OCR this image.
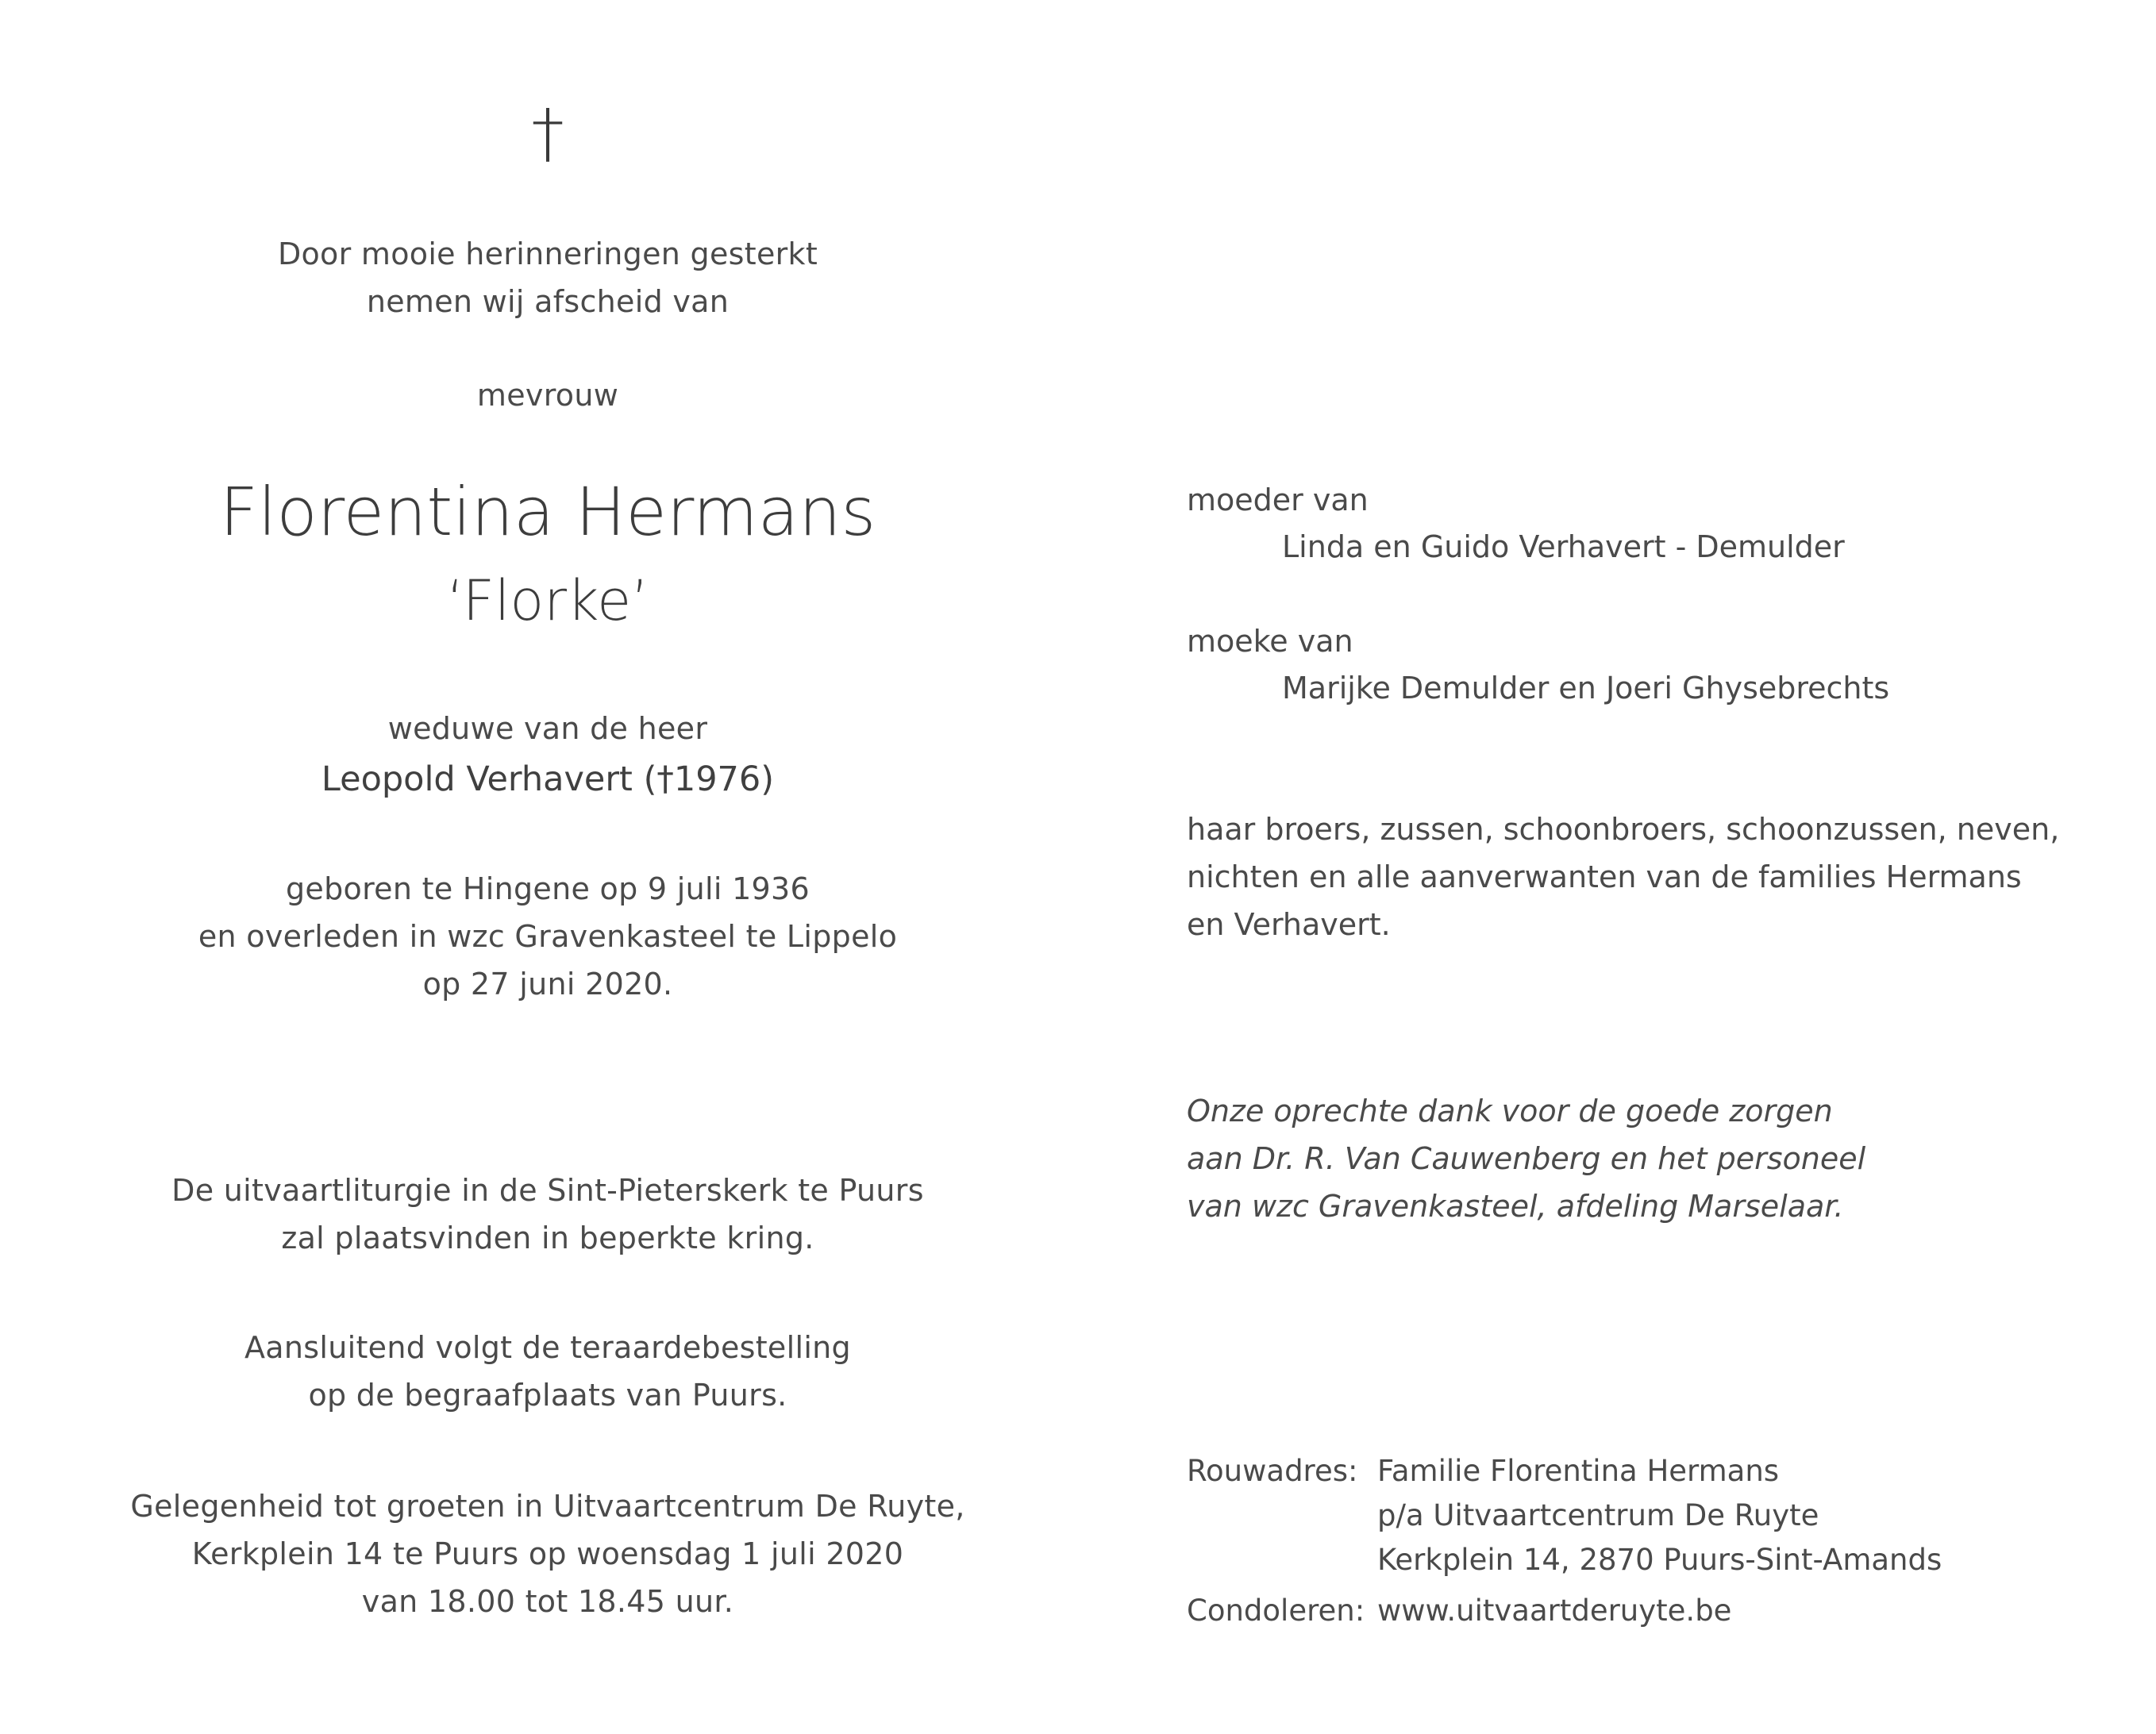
†
Door mooie herinneringen gesterkt
nemen wij afscheid van
mevrouw
Florentina Hermans
‘Florke’
weduwe van de heer
Leopold Verhavert (†1976)
geboren te Hingene op 9 juli 1936
en overleden in wzc Gravenkasteel te Lippelo
op 27 juni 2020.
De uitvaartliturgie in de Sint-Pieterskerk te Puurs
zal plaatsvinden in beperkte kring.
Aansluitend volgt de teraardebestelling
op de begraafplaats van Puurs.
Gelegenheid tot groeten in Uitvaartcentrum De Ruyte,
Kerkplein 14 te Puurs op woensdag 1 juli 2020
van 18.00 tot 18.45 uur.
moeder van
Linda en Guido Verhavert - Demulder
moeke van
Marijke Demulder en Joeri Ghysebrechts
haar broers, zussen, schoonbroers, schoonzussen, neven,
nichten en alle aanverwanten van de families Hermans
en Verhavert.
Onze oprechte dank voor de goede zorgen
aan Dr. R. Van Cauwenberg en het personeel
van wzc Gravenkasteel, afdeling Marselaar.
Rouwadres: Familie Florentina Hermans
p/a Uitvaartcentrum De Ruyte
Kerkplein 14, 2870 Puurs-Sint-Amands
Condoleren: www.uitvaartderuyte.be
